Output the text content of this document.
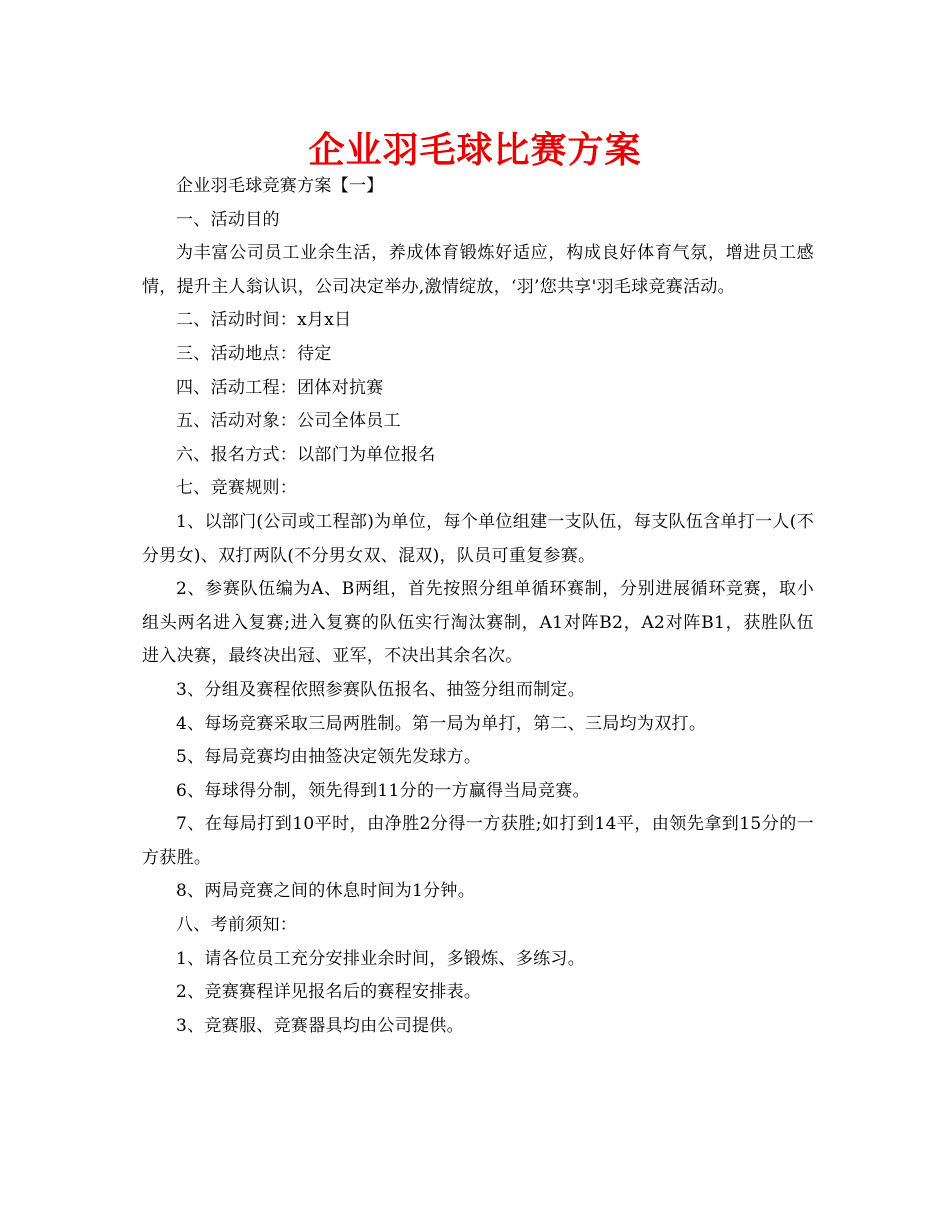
企业羽毛球比赛方案

企业羽毛球竞赛方案【一】

一、活动目的

为丰富公司员工业余生活，养成体育锻炼好适应，构成良好体育气氛，增进员工感情，提升主人翁认识，公司决定举办,激情绽放，‘羽’您共享'羽毛球竞赛活动。

二、活动时间：x月x日

三、活动地点：待定

四、活动工程：团体对抗赛

五、活动对象：公司全体员工

六、报名方式：以部门为单位报名

七、竞赛规则：

1、以部门(公司或工程部)为单位，每个单位组建一支队伍，每支队伍含单打一人(不分男女)、双打两队(不分男女双、混双)，队员可重复参赛。

2、参赛队伍编为A、B两组，首先按照分组单循环赛制，分别进展循环竞赛，取小组头两名进入复赛;进入复赛的队伍实行淘汰赛制，A1对阵B2，A2对阵B1，获胜队伍进入决赛，最终决出冠、亚军，不决出其余名次。

3、分组及赛程依照参赛队伍报名、抽签分组而制定。

4、每场竞赛采取三局两胜制。第一局为单打，第二、三局均为双打。

5、每局竞赛均由抽签决定领先发球方。

6、每球得分制，领先得到11分的一方赢得当局竞赛。

7、在每局打到10平时，由净胜2分得一方获胜;如打到14平，由领先拿到15分的一方获胜。

8、两局竞赛之间的休息时间为1分钟。

八、考前须知：

1、请各位员工充分安排业余时间，多锻炼、多练习。

2、竞赛赛程详见报名后的赛程安排表。

3、竞赛服、竞赛器具均由公司提供。
